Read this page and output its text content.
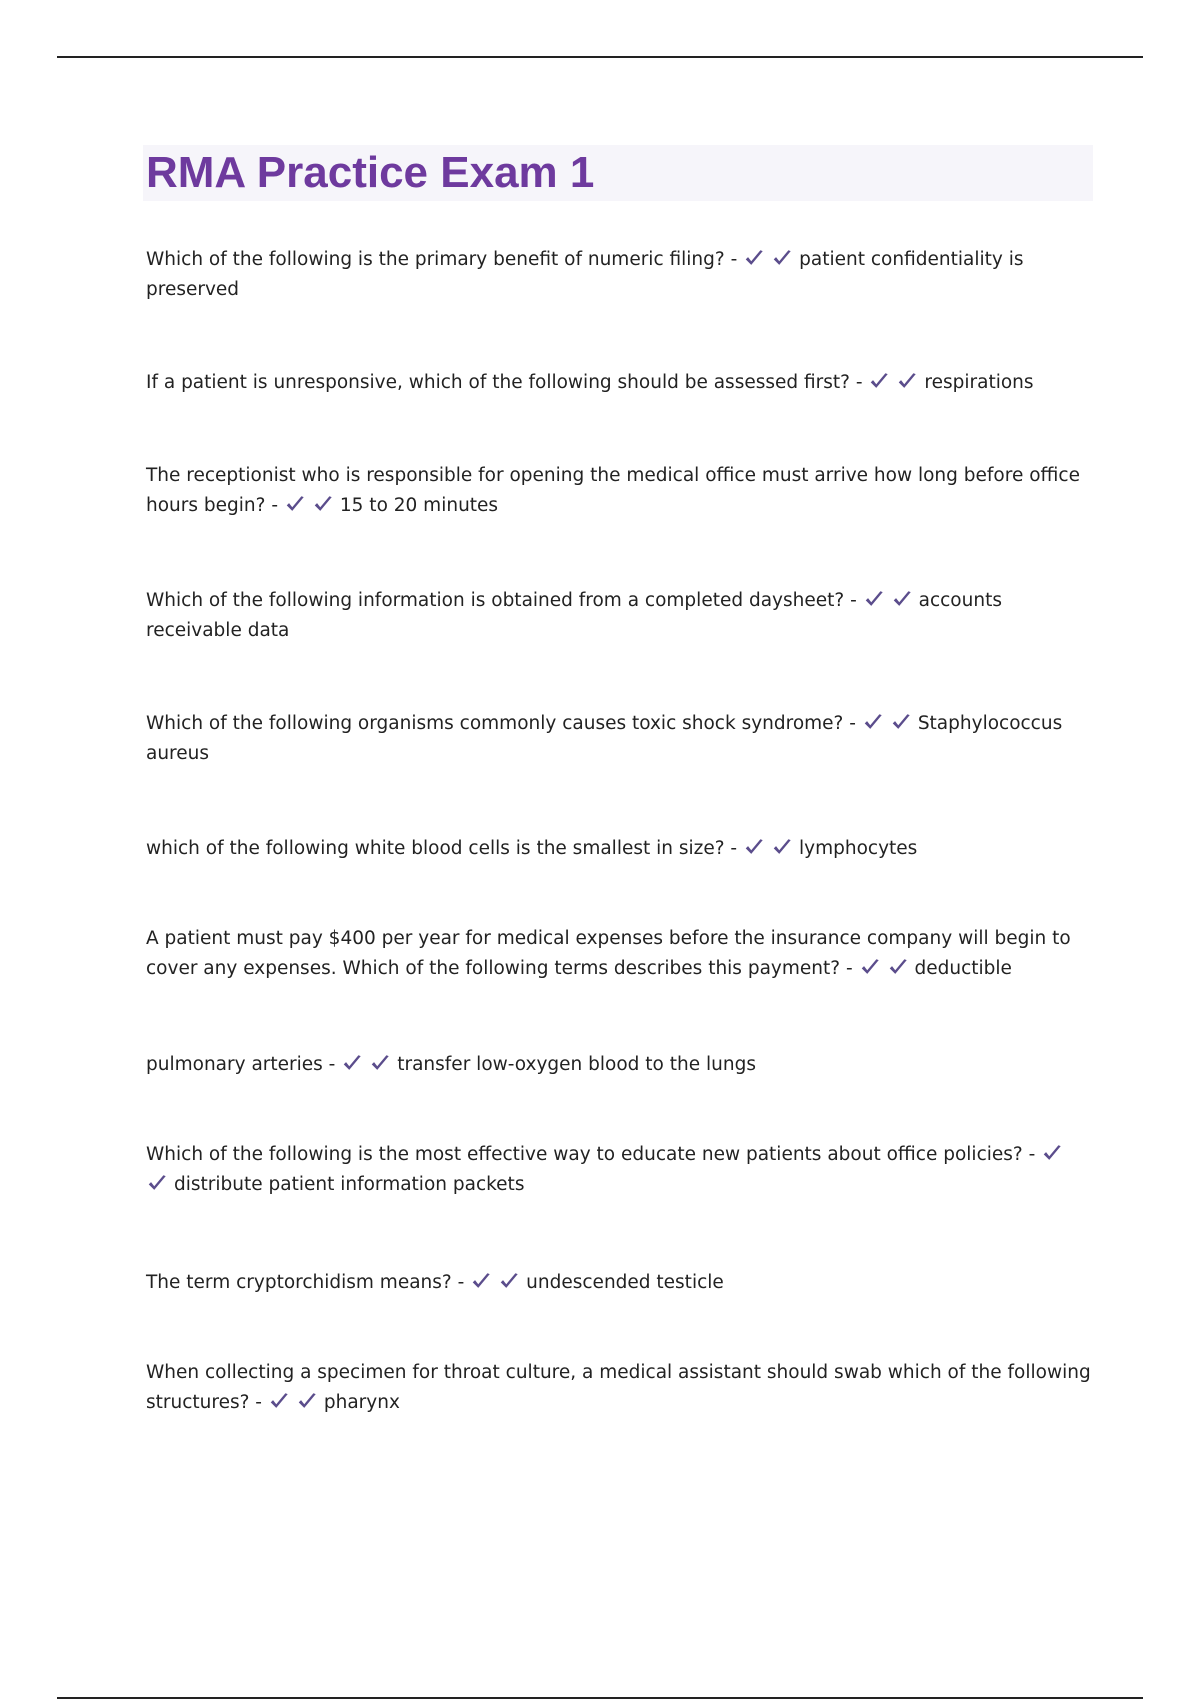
RMA Practice Exam 1

Which of the following is the primary benefit of numeric filing? -	patient confidentiality is preserved

If a patient is unresponsive, which of the following should be assessed first? -	respirations

The receptionist who is responsible for opening the medical office must arrive how long before office hours begin? -	15 to 20 minutes

Which of the following information is obtained from a completed daysheet? -	accounts receivable data

Which of the following organisms commonly causes toxic shock syndrome? -	Staphylococcus aureus

which of the following white blood cells is the smallest in size? -	lymphocytes

A patient must pay $400 per year for medical expenses before the insurance company will begin to cover any expenses. Which of the following terms describes this payment? -	deductible

pulmonary arteries -	transfer low-oxygen blood to the lungs

Which of the following is the most effective way to educate new patients about office policies? -
distribute patient information packets

The term cryptorchidism means? -	undescended testicle

When collecting a specimen for throat culture, a medical assistant should swab which of the following structures? -	pharynx
